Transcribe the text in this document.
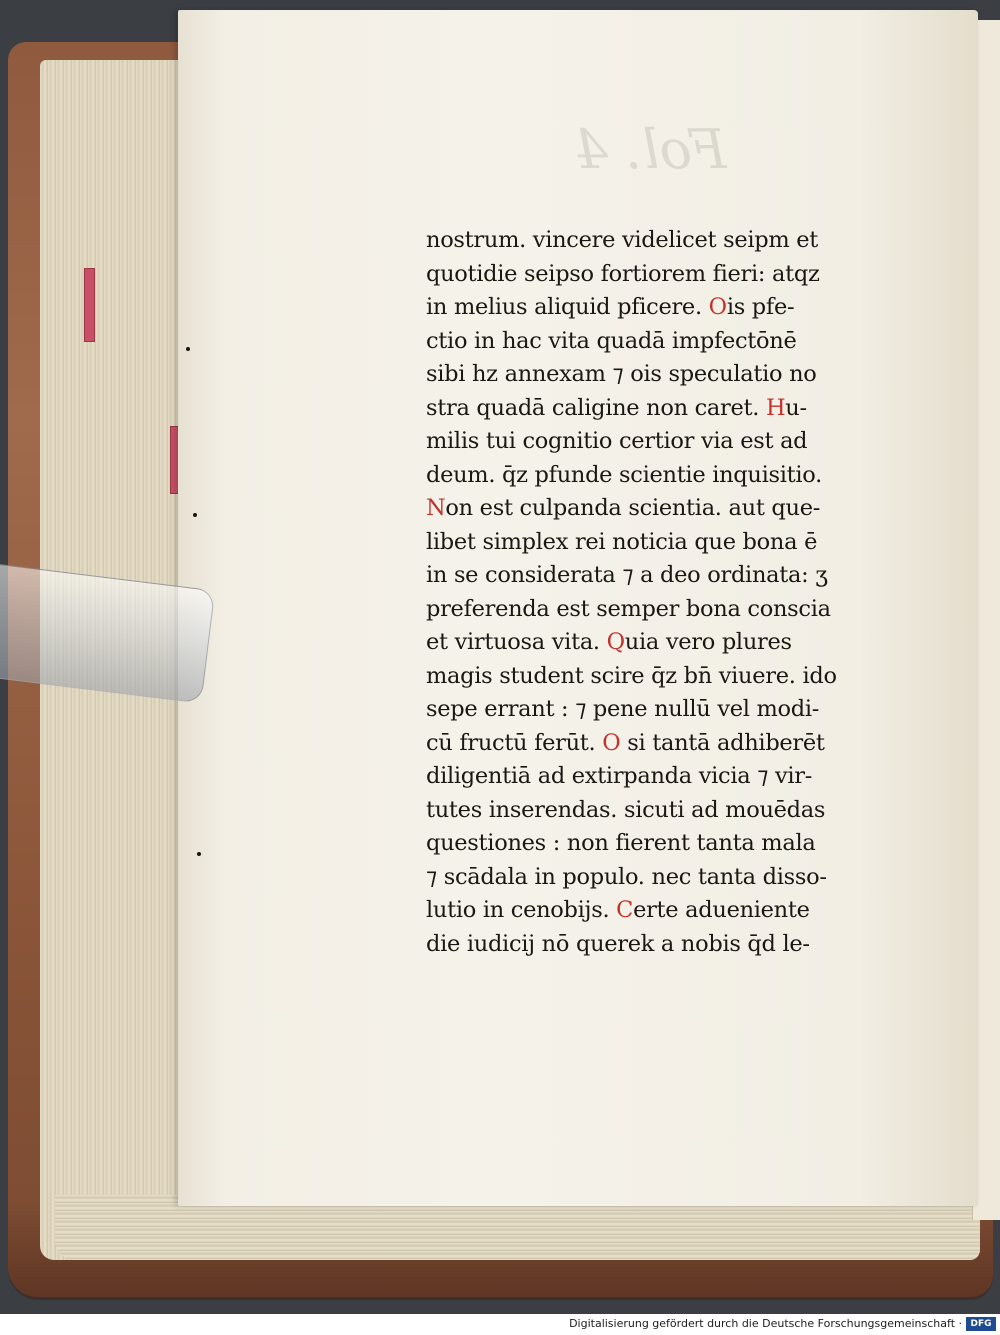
Fol. 4
nostrum. vincere videlicet seipm et
quotidie seipso fortiorem fieri: atqz
in melius aliquid pficere. Ois pfe-
ctio in hac vita quadā impfectōnē
sibi hz annexam ⁊ ois speculatio no
stra quadā caligine non caret. Hu-
milis tui cognitio certior via est ad
deum. q̄z pfunde scientie inquisitio.
Non est culpanda scientia. aut que-
libet simplex rei noticia que bona ē
in se considerata ⁊ a deo ordinata: ʒ
preferenda est semper bona conscia
et virtuosa vita. Quia vero plures
magis student scire q̄z bn̄ viuere. ido
sepe errant : ⁊ pene nullū vel modi-
cū fructū ferūt. O si tantā adhiberēt
diligentiā ad extirpanda vicia ⁊ vir-
tutes inserendas. sicuti ad mouēdas
questiones : non fierent tanta mala
⁊ scādala in populo. nec tanta disso-
lutio in cenobijs. Certe adueniente
die iudicij nō querek a nobis q̄d le-
Digitalisierung gefördert durch die Deutsche Forschungsgemeinschaft · DFG
